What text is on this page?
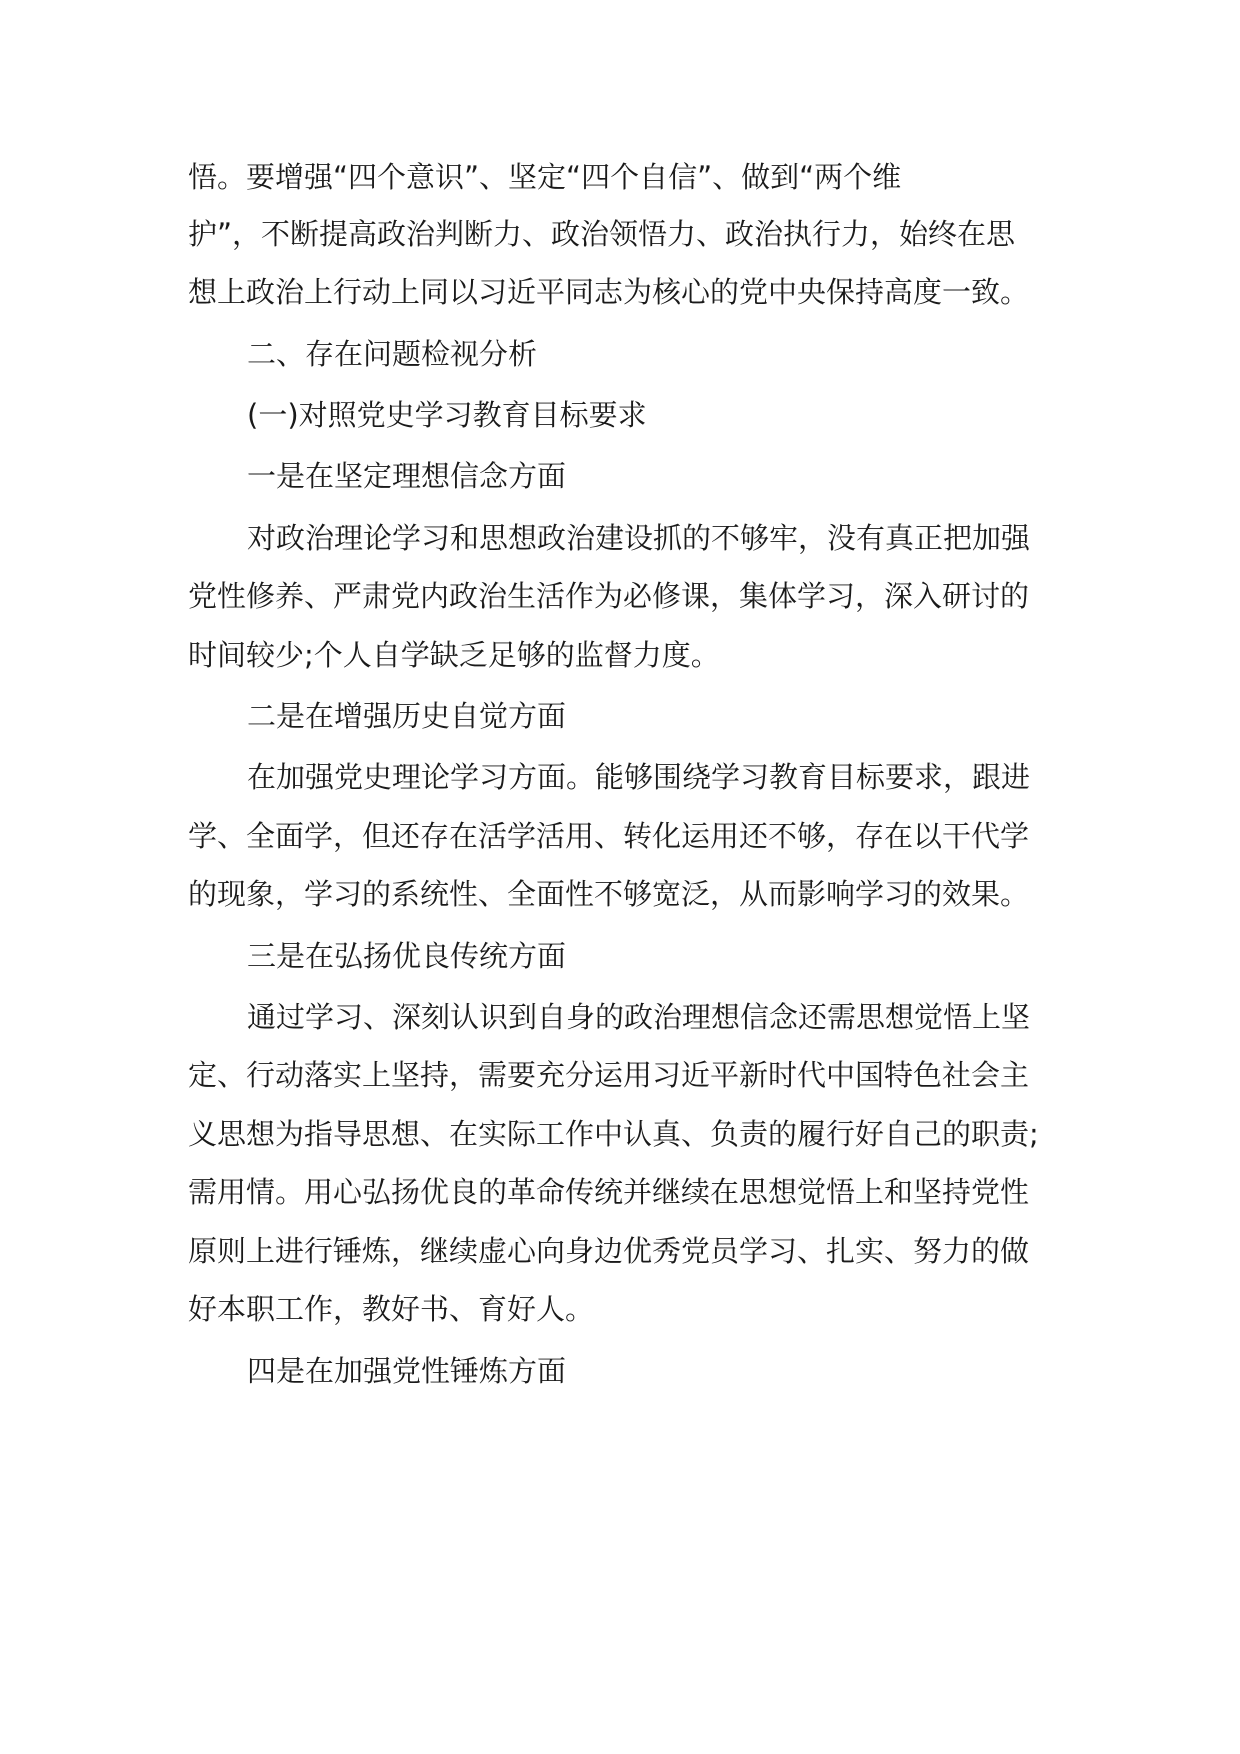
悟。要增强“四个意识”、坚定“四个自信”、做到“两个维
护”，不断提高政治判断力、政治领悟力、政治执行力，始终在思
想上政治上行动上同以习近平同志为核心的党中央保持高度一致。
二、存在问题检视分析
(一)对照党史学习教育目标要求
一是在坚定理想信念方面
对政治理论学习和思想政治建设抓的不够牢，没有真正把加强
党性修养、严肃党内政治生活作为必修课，集体学习，深入研讨的
时间较少;个人自学缺乏足够的监督力度。
二是在增强历史自觉方面
在加强党史理论学习方面。能够围绕学习教育目标要求，跟进
学、全面学，但还存在活学活用、转化运用还不够，存在以干代学
的现象，学习的系统性、全面性不够宽泛，从而影响学习的效果。
三是在弘扬优良传统方面
通过学习、深刻认识到自身的政治理想信念还需思想觉悟上坚
定、行动落实上坚持，需要充分运用习近平新时代中国特色社会主
义思想为指导思想、在实际工作中认真、负责的履行好自己的职责;
需用情。用心弘扬优良的革命传统并继续在思想觉悟上和坚持党性
原则上进行锤炼，继续虚心向身边优秀党员学习、扎实、努力的做
好本职工作，教好书、育好人。
四是在加强党性锤炼方面
